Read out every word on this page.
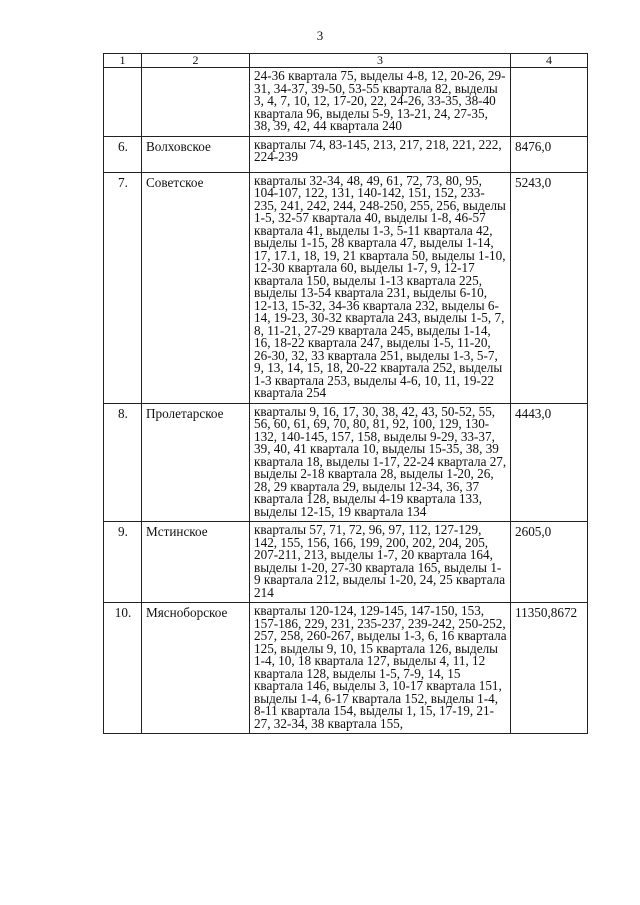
3
1	2	3	4
		24-36 квартала 75, выделы 4-8, 12, 20-26, 29-31, 34-37, 39-50, 53-55 квартала 82, выделы 3, 4, 7, 10, 12, 17-20, 22, 24-26, 33-35, 38-40 квартала 96, выделы 5-9, 13-21, 24, 27-35, 38, 39, 42, 44 квартала 240	
6.	Волховское	кварталы 74, 83-145, 213, 217, 218, 221, 222, 224-239	8476,0
7.	Советское	кварталы 32-34, 48, 49, 61, 72, 73, 80, 95, 104-107, 122, 131, 140-142, 151, 152, 233-235, 241, 242, 244, 248-250, 255, 256, выделы 1-5, 32-57 квартала 40, выделы 1-8, 46-57 квартала 41, выделы 1-3, 5-11 квартала 42, выделы 1-15, 28 квартала 47, выделы 1-14, 17, 17.1, 18, 19, 21 квартала 50, выделы 1-10, 12-30 квартала 60, выделы 1-7, 9, 12-17 квартала 150, выделы 1-13 квартала 225, выделы 13-54 квартала 231, выделы 6-10, 12-13, 15-32, 34-36 квартала 232, выделы 6-14, 19-23, 30-32 квартала 243, выделы 1-5, 7, 8, 11-21, 27-29 квартала 245, выделы 1-14, 16, 18-22 квартала 247, выделы 1-5, 11-20, 26-30, 32, 33 квартала 251, выделы 1-3, 5-7, 9, 13, 14, 15, 18, 20-22 квартала 252, выделы 1-3 квартала 253, выделы 4-6, 10, 11, 19-22 квартала 254	5243,0
8.	Пролетарское	кварталы 9, 16, 17, 30, 38, 42, 43, 50-52, 55, 56, 60, 61, 69, 70, 80, 81, 92, 100, 129, 130-132, 140-145, 157, 158, выделы 9-29, 33-37, 39, 40, 41 квартала 10, выделы 15-35, 38, 39 квартала 18, выделы 1-17, 22-24 квартала 27, выделы 2-18 квартала 28, выделы 1-20, 26, 28, 29 квартала 29, выделы 12-34, 36, 37 квартала 128, выделы 4-19 квартала 133, выделы 12-15, 19 квартала 134	4443,0
9.	Мстинское	кварталы 57, 71, 72, 96, 97, 112, 127-129, 142, 155, 156, 166, 199, 200, 202, 204, 205, 207-211, 213, выделы 1-7, 20 квартала 164, выделы 1-20, 27-30 квартала 165, выделы 1-9 квартала 212, выделы 1-20, 24, 25 квартала 214	2605,0
10.	Мясноборское	кварталы 120-124, 129-145, 147-150, 153, 157-186, 229, 231, 235-237, 239-242, 250-252, 257, 258, 260-267, выделы 1-3, 6, 16 квартала 125, выделы 9, 10, 15 квартала 126, выделы 1-4, 10, 18 квартала 127, выделы 4, 11, 12 квартала 128, выделы 1-5, 7-9, 14, 15 квартала 146, выделы 3, 10-17 квартала 151, выделы 1-4, 6-17 квартала 152, выделы 1-4, 8-11 квартала 154, выделы 1, 15, 17-19, 21-27, 32-34, 38 квартала 155,	11350,8672
